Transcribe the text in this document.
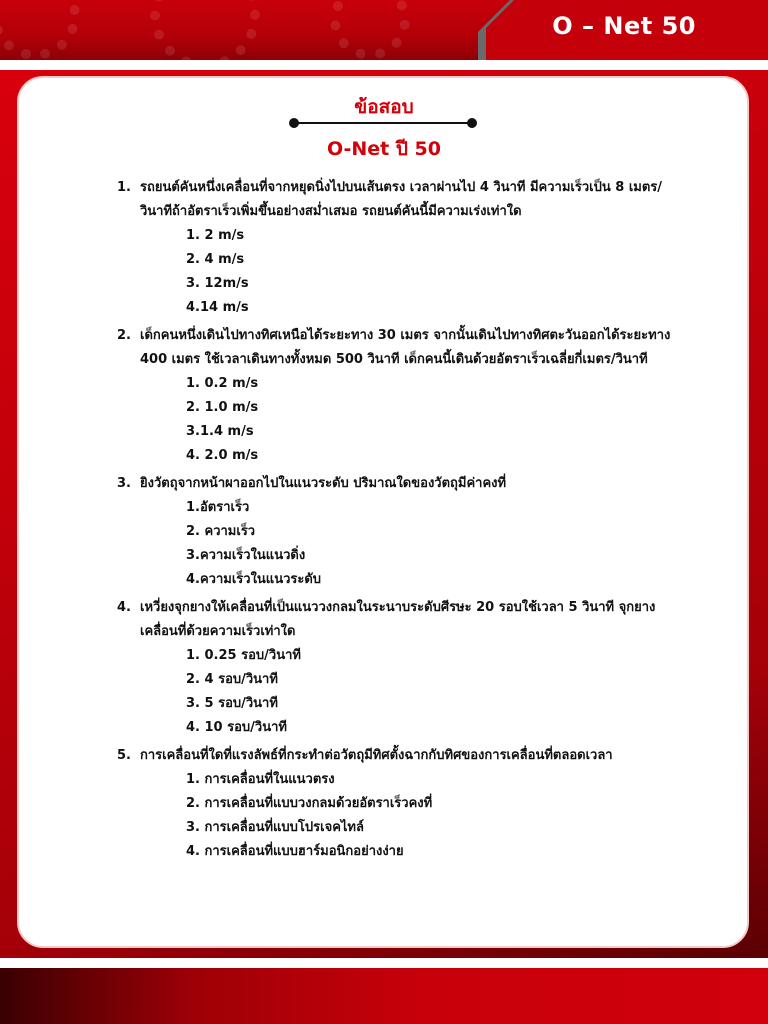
O – Net 50
ข้อสอบ
O-Net ปี 50
1. รถยนต์คันหนึ่งเคลื่อนที่จากหยุดนิ่งไปบนเส้นตรง เวลาผ่านไป 4 วินาที มีความเร็วเป็น 8 เมตร/วินาทีถ้าอัตราเร็วเพิ่มขึ้นอย่างสม่ำเสมอ รถยนต์คันนี้มีความเร่งเท่าใด
1. 2 m/s
2. 4 m/s
3. 12m/s
4.14 m/s
2. เด็กคนหนึ่งเดินไปทางทิศเหนือได้ระยะทาง 30 เมตร จากนั้นเดินไปทางทิศตะวันออกได้ระยะทาง 400 เมตร ใช้เวลาเดินทางทั้งหมด 500 วินาที เด็กคนนี้เดินด้วยอัตราเร็วเฉลี่ยกี่เมตร/วินาที
1. 0.2 m/s
2. 1.0 m/s
3.1.4 m/s
4. 2.0 m/s
3. ยิงวัตถุจากหน้าผาออกไปในแนวระดับ ปริมาณใดของวัตถุมีค่าคงที่
1.อัตราเร็ว
2. ความเร็ว
3.ความเร็วในแนวดิ่ง
4.ความเร็วในแนวระดับ
4. เหวี่ยงจุกยางให้เคลื่อนที่เป็นแนววงกลมในระนาบระดับศีรษะ 20 รอบใช้เวลา 5 วินาที จุกยางเคลื่อนที่ด้วยความเร็วเท่าใด
1. 0.25 รอบ/วินาที
2. 4 รอบ/วินาที
3. 5 รอบ/วินาที
4. 10 รอบ/วินาที
5. การเคลื่อนที่ใดที่แรงลัพธ์ที่กระทำต่อวัตถุมีทิศตั้งฉากกับทิศของการเคลื่อนที่ตลอดเวลา
1. การเคลื่อนที่ในแนวตรง
2. การเคลื่อนที่แบบวงกลมด้วยอัตราเร็วคงที่
3. การเคลื่อนที่แบบโปรเจคไทล์
4. การเคลื่อนที่แบบฮาร์มอนิกอย่างง่าย
